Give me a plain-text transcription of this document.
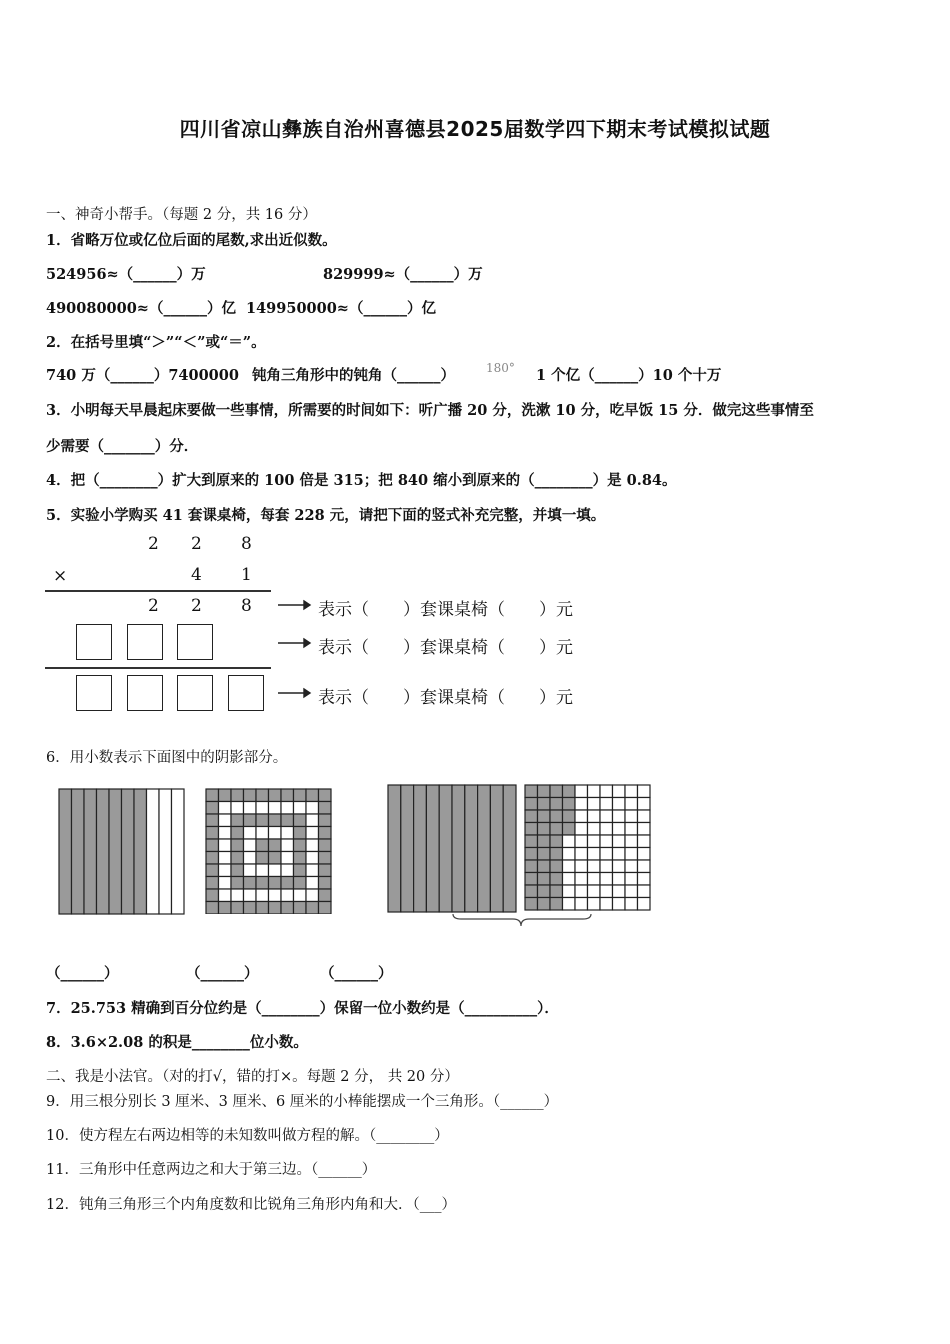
四川省凉山彝族自治州喜德县2025届数学四下期末考试模拟试题
一、神奇小帮手。（每题 2 分，共 16 分）
1．省略万位或亿位后面的尾数,求出近似数。
524956≈（______）万	829999≈（______）万
490080000≈（______）亿 149950000≈（______）亿
2．在括号里填“＞”“＜”或“＝”。
740 万（______）7400000 钝角三角形中的钝角（______）	180° 1 个亿（______）10 个十万
3．小明每天早晨起床要做一些事情，所需要的时间如下：听广播 20 分，洗漱 10 分，吃早饭 15 分．做完这些事情至
少需要（_______）分．
4．把（________）扩大到原来的 100 倍是 315；把 840 缩小到原来的（________）是 0.84。
5．实验小学购买 41 套课桌椅，每套 228 元，请把下面的竖式补充完整，并填一填。
2 2 8
×	4 1
2 2 8	表示（　　）套课桌椅（　　）元
表示（　　）套课桌椅（　　）元
表示（　　）套课桌椅（　　）元
6．用小数表示下面图中的阴影部分。
（______）	（______）	（______）
7．25.753 精确到百分位约是（________）保留一位小数约是（__________）．
8．3.6×2.08 的积是________位小数。
二、我是小法官。（对的打√，错的打×。每题 2 分， 共 20 分）
9．用三根分别长 3 厘米、3 厘米、6 厘米的小棒能摆成一个三角形。（______）
10．使方程左右两边相等的未知数叫做方程的解。（________）
11．三角形中任意两边之和大于第三边。（______）
12．钝角三角形三个内角度数和比锐角三角形内角和大．（___）
